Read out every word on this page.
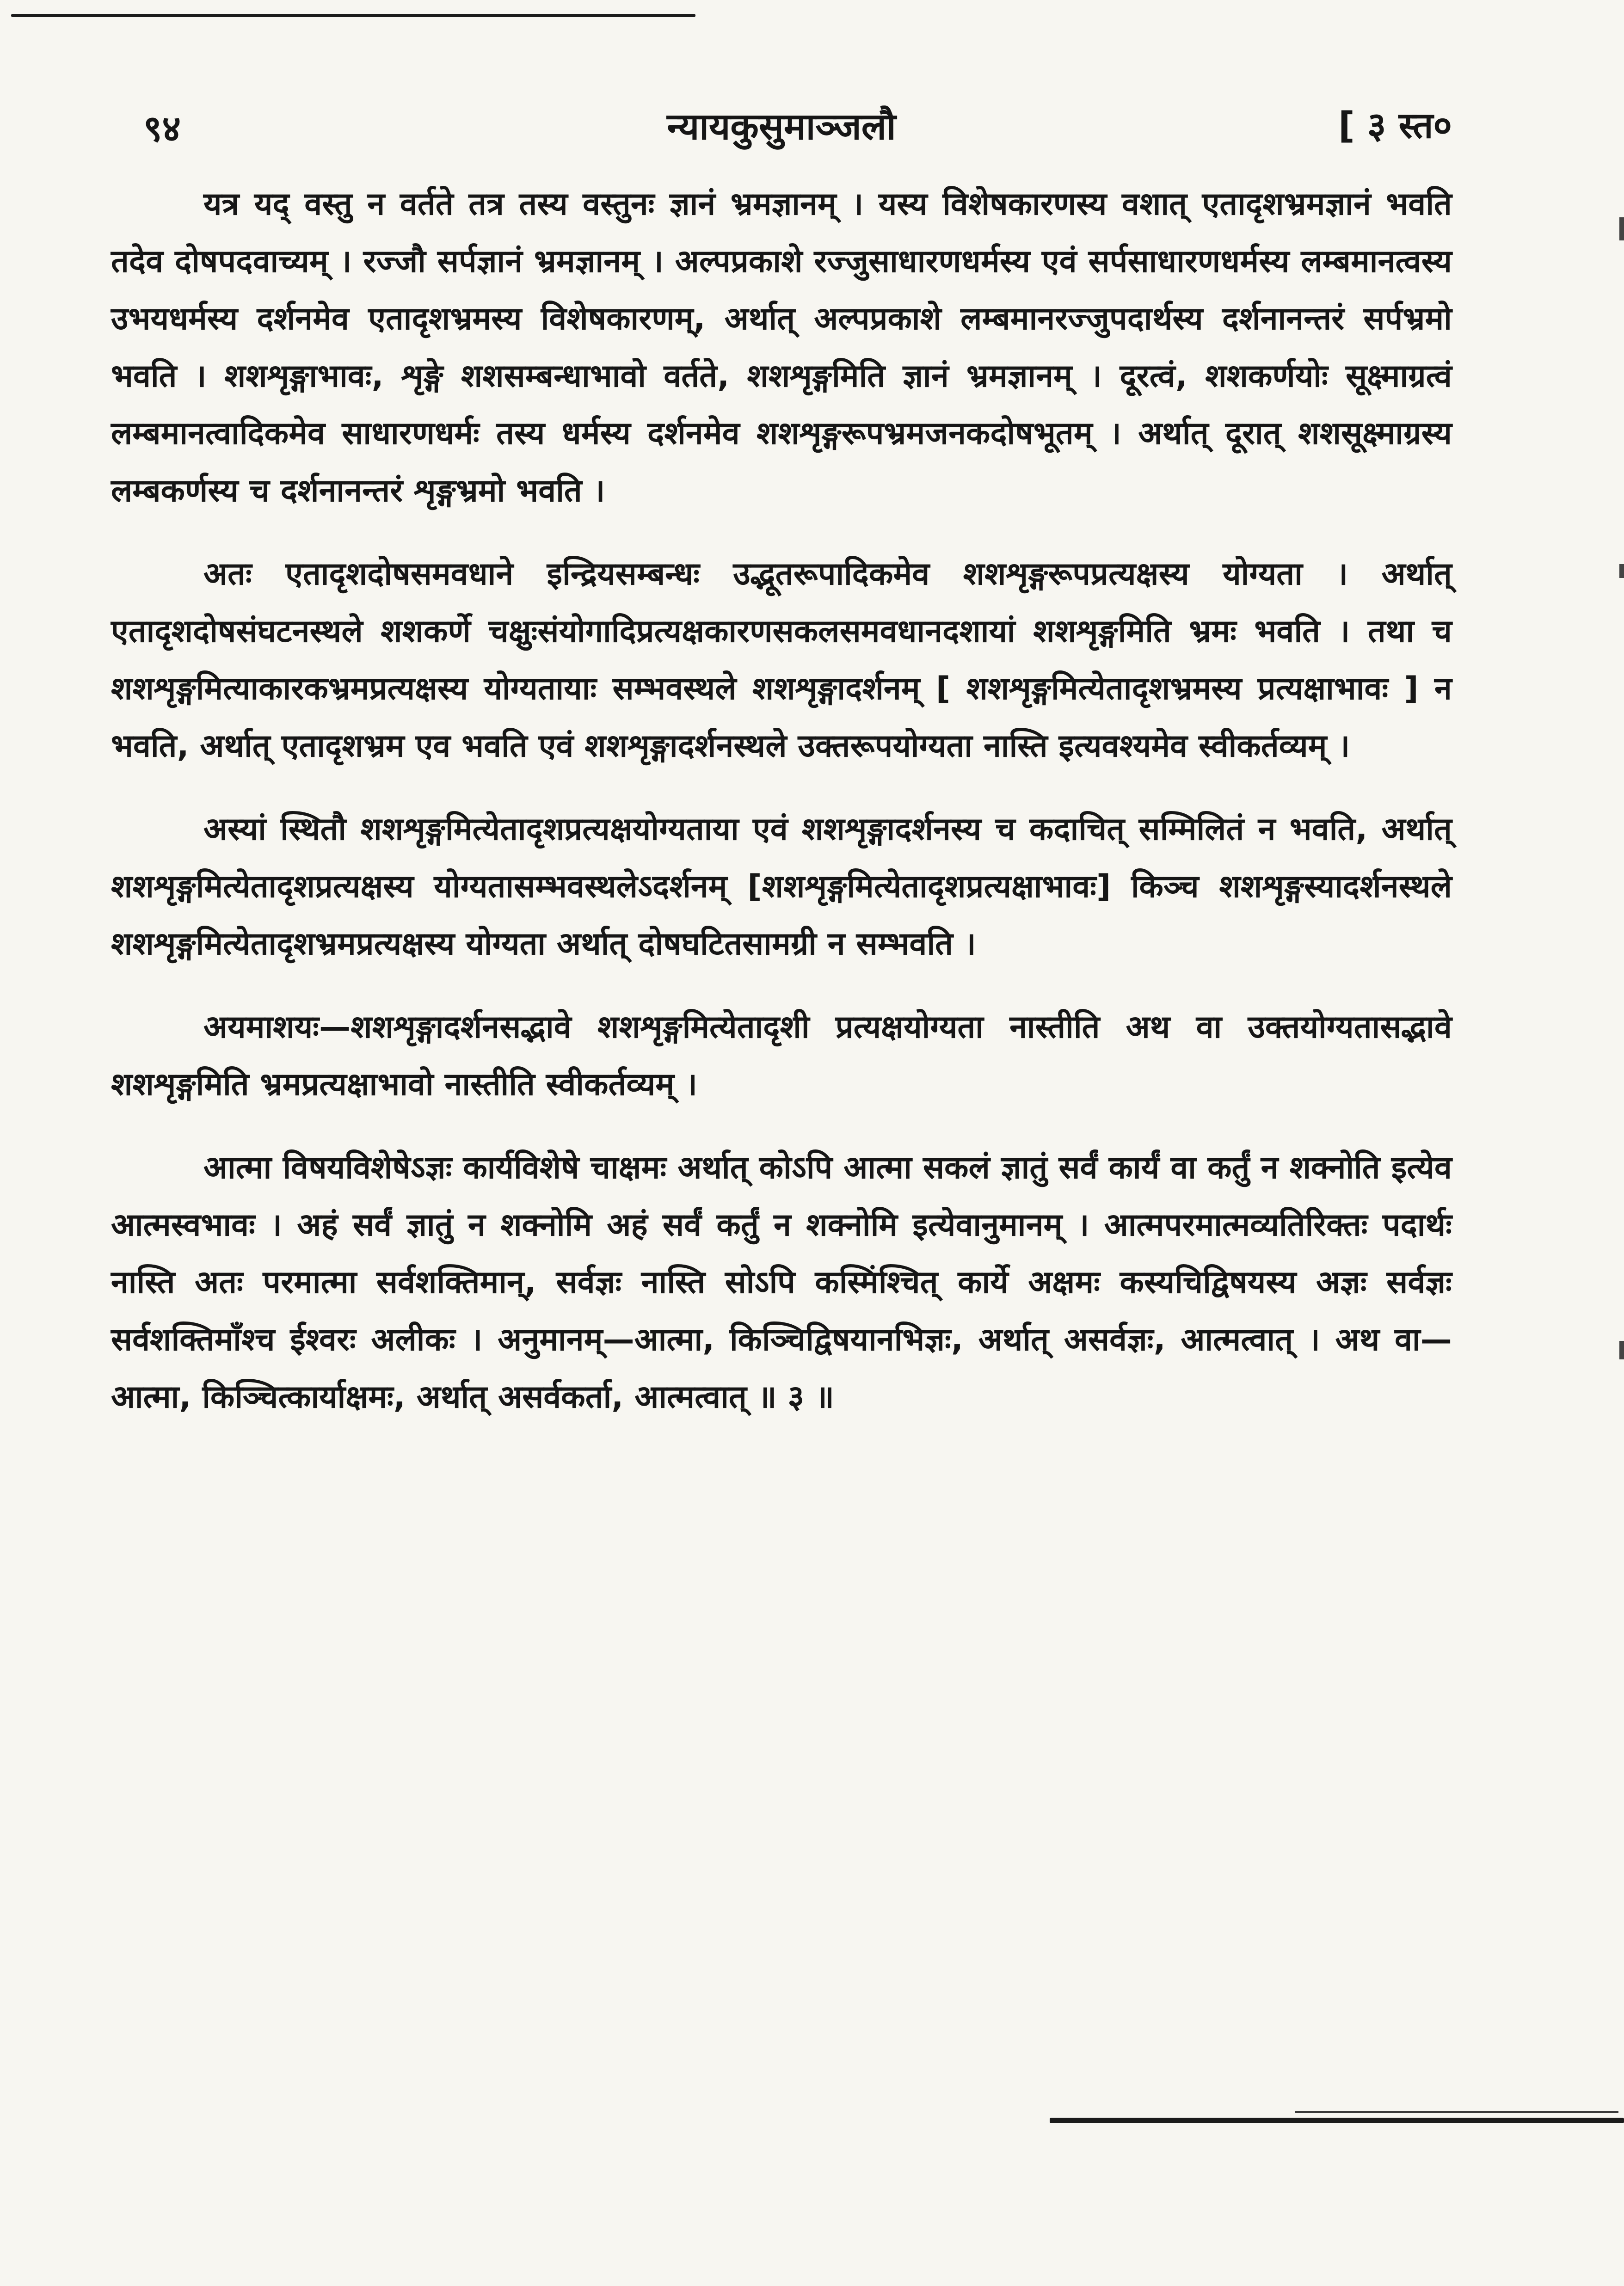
९४	न्यायकुसुमाञ्जलौ	[ ३ स्त०

यत्र यद् वस्तु न वर्तते तत्र तस्य वस्तुनः ज्ञानं भ्रमज्ञानम् । यस्य विशेषकारणस्य वशात् एतादृशभ्रमज्ञानं भवति तदेव दोषपदवाच्यम् । रज्जौ सर्पज्ञानं भ्रमज्ञानम् । अल्पप्रकाशे रज्जुसाधारणधर्मस्य एवं सर्पसाधारणधर्मस्य लम्बमानत्वस्य उभयधर्मस्य दर्शनमेव एतादृशभ्रमस्य विशेषकारणम्, अर्थात् अल्पप्रकाशे लम्बमानरज्जुपदार्थस्य दर्शनानन्तरं सर्पभ्रमो भवति । शशशृङ्गाभावः, शृङ्गे शशसम्बन्धाभावो वर्तते, शशशृङ्गमिति ज्ञानं भ्रमज्ञानम् । दूरत्वं, शशकर्णयोः सूक्ष्माग्रत्वं लम्बमानत्वादिकमेव साधारणधर्मः तस्य धर्मस्य दर्शनमेव शशशृङ्गरूपभ्रमजनकदोषभूतम् । अर्थात् दूरात् शशसूक्ष्माग्रस्य लम्बकर्णस्य च दर्शनानन्तरं शृङ्गभ्रमो भवति ।

अतः एतादृशदोषसमवधाने इन्द्रियसम्बन्धः उद्भूतरूपादिकमेव शशशृङ्गरूपप्रत्यक्षस्य योग्यता । अर्थात् एतादृशदोषसंघटनस्थले शशकर्णे चक्षुःसंयोगादिप्रत्यक्षकारणसकलसमवधानदशायां शशशृङ्गमिति भ्रमः भवति । तथा च शशशृङ्गमित्याकारकभ्रमप्रत्यक्षस्य योग्यतायाः सम्भवस्थले शशशृङ्गादर्शनम् [ शशशृङ्गमित्येतादृशभ्रमस्य प्रत्यक्षाभावः ] न भवति, अर्थात् एतादृशभ्रम एव भवति एवं शशशृङ्गादर्शनस्थले उक्तरूपयोग्यता नास्ति इत्यवश्यमेव स्वीकर्तव्यम् ।

अस्यां स्थितौ शशशृङ्गमित्येतादृशप्रत्यक्षयोग्यताया एवं शशशृङ्गादर्शनस्य च कदाचित् सम्मिलितं न भवति, अर्थात् शशशृङ्गमित्येतादृशप्रत्यक्षस्य योग्यतासम्भवस्थलेऽदर्शनम् [शशशृङ्गमित्येतादृशप्रत्यक्षाभावः] किञ्च शशशृङ्गस्यादर्शनस्थले शशशृङ्गमित्येतादृशभ्रमप्रत्यक्षस्य योग्यता अर्थात् दोषघटितसामग्री न सम्भवति ।

अयमाशयः—शशशृङ्गादर्शनसद्भावे शशशृङ्गमित्येतादृशी प्रत्यक्षयोग्यता नास्तीति अथ वा उक्तयोग्यतासद्भावे शशशृङ्गमिति भ्रमप्रत्यक्षाभावो नास्तीति स्वीकर्तव्यम् ।

आत्मा विषयविशेषेऽज्ञः कार्यविशेषे चाक्षमः अर्थात् कोऽपि आत्मा सकलं ज्ञातुं सर्वं कार्यं वा कर्तुं न शक्नोति इत्येव आत्मस्वभावः । अहं सर्वं ज्ञातुं न शक्नोमि अहं सर्वं कर्तुं न शक्नोमि इत्येवानुमानम् । आत्मपरमात्मव्यतिरिक्तः पदार्थः नास्ति अतः परमात्मा सर्वशक्तिमान्, सर्वज्ञः नास्ति सोऽपि कस्मिंश्चित् कार्ये अक्षमः कस्यचिद्विषयस्य अज्ञः सर्वज्ञः सर्वशक्तिमाँश्च ईश्वरः अलीकः । अनुमानम्—आत्मा, किञ्चिद्विषयानभिज्ञः, अर्थात् असर्वज्ञः, आत्मत्वात् । अथ वा—आत्मा, किञ्चित्कार्याक्षमः, अर्थात् असर्वकर्ता, आत्मत्वात् ॥ ३ ॥
